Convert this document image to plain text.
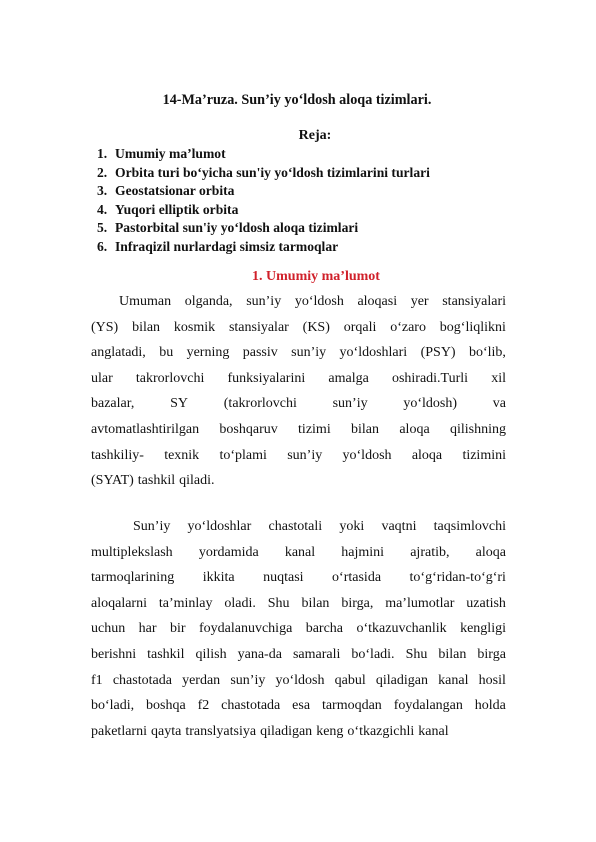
14-Ma’ruza. Sun’iy yo‘ldosh aloqa tizimlari.
Reja:
1. Umumiy ma’lumot
2. Orbita turi bo‘yicha sun'iy yo‘ldosh tizimlarini turlari
3. Geostatsionar orbita
4. Yuqori elliptik orbita
5. Pastorbital sun'iy yo‘ldosh aloqa tizimlari
6. Infraqizil nurlardagi simsiz tarmoqlar
1. Umumiy ma’lumot
Umuman olganda, sun’iy yo‘ldosh aloqasi yer stansiyalari
(YS) bilan kosmik stansiyalar (KS) orqali o‘zaro bog‘liqlikni
anglatadi, bu yerning passiv sun’iy yo‘ldoshlari (PSY) bo‘lib,
ular takrorlovchi funksiyalarini amalga oshiradi.Turli xil
bazalar,	SY	(takrorlovchi	sun’iy	yo‘ldosh)	va
avtomatlashtirilgan boshqaruv tizimi bilan aloqa qilishning
tashkiliy- texnik to‘plami sun’iy yo‘ldosh aloqa tizimini
(SYAT) tashkil qiladi.
Sun’iy yo‘ldoshlar chastotali yoki vaqtni taqsimlovchi
multiplekslash yordamida kanal hajmini ajratib, aloqa
tarmoqlarining ikkita nuqtasi o‘rtasida to‘g‘ridan-to‘g‘ri
aloqalarni ta’minlay oladi. Shu bilan birga, ma’lumotlar uzatish
uchun har bir foydalanuvchiga barcha o‘tkazuvchanlik kengligi
berishni tashkil qilish yana-da samarali bo‘ladi. Shu bilan birga
f1 chastotada yerdan sun’iy yo‘ldosh qabul qiladigan kanal hosil
bo‘ladi, boshqa f2 chastotada esa tarmoqdan foydalangan holda
paketlarni qayta translyatsiya qiladigan keng o‘tkazgichli kanal
